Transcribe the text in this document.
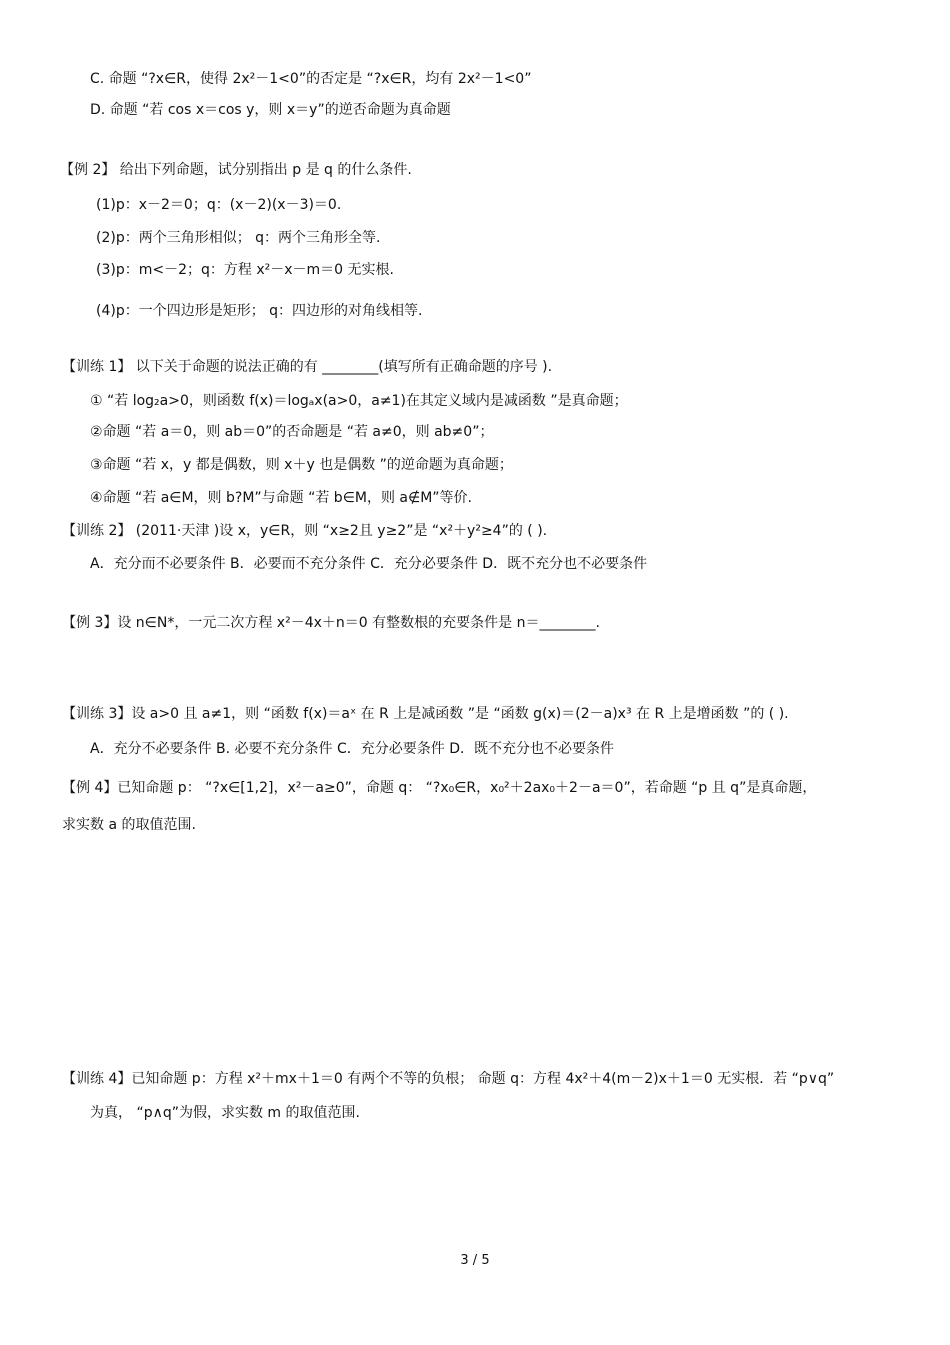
C. 命题 “?x∈R，使得 2x²－1<0”的否定是 “?x∈R，均有 2x²－1<0”
D. 命题 “若 cos x＝cos y，则 x＝y”的逆否命题为真命题
【例 2】 给出下列命题，试分别指出 p 是 q 的什么条件.
(1)p：x－2＝0；q：(x－2)(x－3)＝0.
(2)p：两个三角形相似； q：两个三角形全等.
(3)p：m<－2；q：方程 x²－x－m＝0 无实根.
(4)p：一个四边形是矩形； q：四边形的对角线相等.
【训练 1】 以下关于命题的说法正确的有 ________(填写所有正确命题的序号 ).
① “若 log₂a>0，则函数 f(x)＝logₐx(a>0，a≠1)在其定义域内是减函数 ”是真命题；
②命题 “若 a＝0，则 ab＝0”的否命题是 “若 a≠0，则 ab≠0”；
③命题 “若 x，y 都是偶数，则 x＋y 也是偶数 ”的逆命题为真命题；
④命题 “若 a∈M，则 b?M”与命题 “若 b∈M，则 a∉M”等价.
【训练 2】 (2011·天津 )设 x，y∈R，则 “x≥2且 y≥2”是 “x²＋y²≥4”的 ( ).
A．充分而不必要条件 B．必要而不充分条件 C．充分必要条件 D．既不充分也不必要条件
【例 3】设 n∈N*，一元二次方程 x²－4x＋n＝0 有整数根的充要条件是 n＝________.
【训练 3】设 a>0 且 a≠1，则 “函数 f(x)＝aˣ 在 R 上是减函数 ”是 “函数 g(x)＝(2－a)x³ 在 R 上是增函数 ”的 ( ).
A．充分不必要条件 B. 必要不充分条件 C．充分必要条件 D．既不充分也不必要条件
【例 4】已知命题 p： “?x∈[1,2]，x²－a≥0”，命题 q： “?x₀∈R，x₀²＋2ax₀＋2－a＝0”，若命题 “p 且 q”是真命题，
求实数 a 的取值范围.
【训练 4】已知命题 p：方程 x²＋mx＋1＝0 有两个不等的负根； 命题 q：方程 4x²＋4(m－2)x＋1＝0 无实根．若 “p∨q”
为真， “p∧q”为假，求实数 m 的取值范围.
3 / 5
